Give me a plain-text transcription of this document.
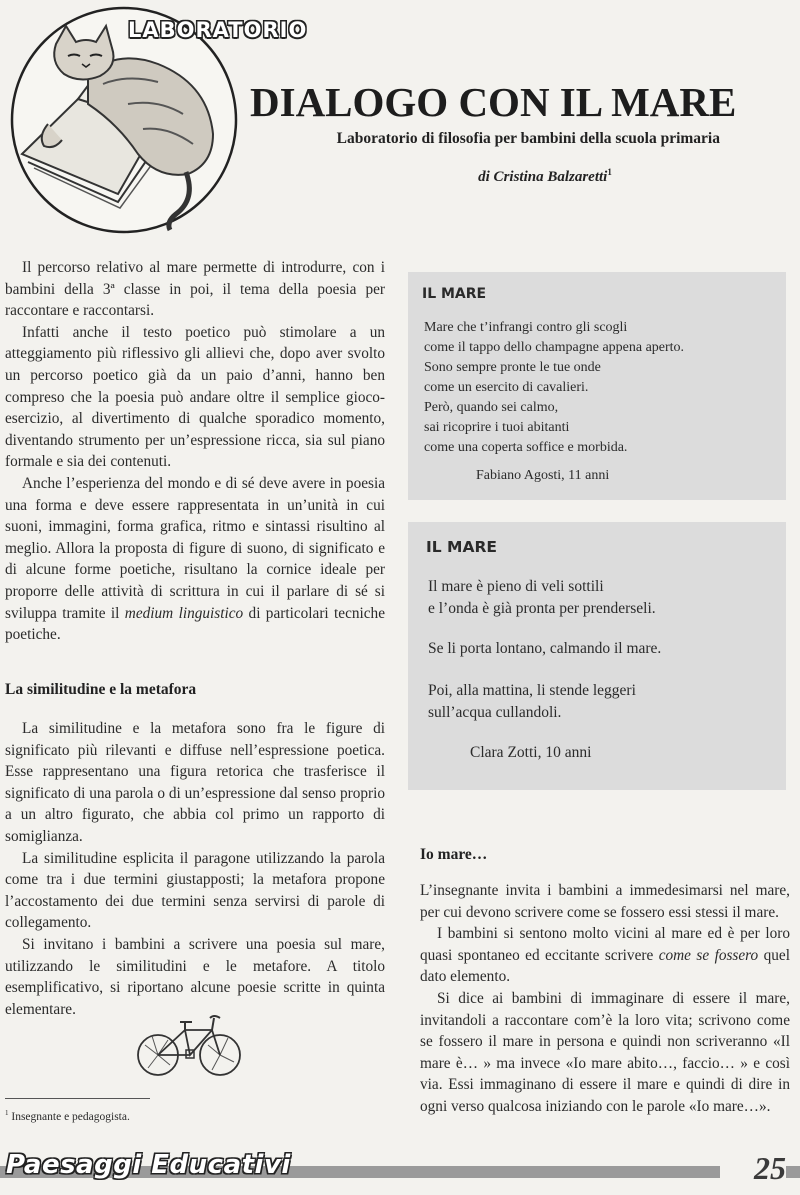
LABORATORIO
DIALOGO CON IL MARE
Laboratorio di filosofia per bambini della scuola primaria
di Cristina Balzaretti$^1$

Il percorso relativo al mare permette di introdurre, con i bambini della 3ª classe in poi, il tema della poesia per raccontare e raccontarsi.

Infatti anche il testo poetico può stimolare a un atteggiamento più riflessivo gli allievi che, dopo aver svolto un percorso poetico già da un paio d’anni, hanno ben compreso che la poesia può andare oltre il semplice gioco-esercizio, al divertimento di qualche sporadico momento, diventando strumento per un’espressione ricca, sia sul piano formale e sia dei contenuti.

Anche l’esperienza del mondo e di sé deve avere in poesia una forma e deve essere rappresentata in un’unità in cui suoni, immagini, forma grafica, ritmo e sintassi risultino al meglio. Allora la proposta di figure di suono, di significato e di alcune forme poetiche, risultano la cornice ideale per proporre delle attività di scrittura in cui il parlare di sé si sviluppa tramite il medium linguistico di particolari tecniche poetiche.

La similitudine e la metafora

La similitudine e la metafora sono fra le figure di significato più rilevanti e diffuse nell’espressione poetica. Esse rappresentano una figura retorica che trasferisce il significato di una parola o di un’espressione dal senso proprio a un altro figurato, che abbia col primo un rapporto di somiglianza.

La similitudine esplicita il paragone utilizzando la parola come tra i due termini giustapposti; la metafora propone l’accostamento dei due termini senza servirsi di parole di collegamento.

Si invitano i bambini a scrivere una poesia sul mare, utilizzando le similitudini e le metafore. A titolo esemplificativo, si riportano alcune poesie scritte in quinta elementare.

$^1$ Insegnante e pedagogista.
IL MARE
Mare che t’infrangi contro gli scogli
come il tappo dello champagne appena aperto.
Sono sempre pronte le tue onde
come un esercito di cavalieri.
Però, quando sei calmo,
sai ricoprire i tuoi abitanti
come una coperta soffice e morbida.
Fabiano Agosti, 11 anni
IL MARE
Il mare è pieno di veli sottili
e l’onda è già pronta per prenderseli.
Se li porta lontano, calmando il mare.
Poi, alla mattina, li stende leggeri
sull’acqua cullandoli.
Clara Zotti, 10 anni
Io mare…

L’insegnante invita i bambini a immedesimarsi nel mare, per cui devono scrivere come se fossero essi stessi il mare.

I bambini si sentono molto vicini al mare ed è per loro quasi spontaneo ed eccitante scrivere come se fossero quel dato elemento.

Si dice ai bambini di immaginare di essere il mare, invitandoli a raccontare com’è la loro vita; scrivono come se fossero il mare in persona e quindi non scriveranno «Il mare è… » ma invece «Io mare abito…, faccio… » e così via. Essi immaginano di essere il mare e quindi di dire in ogni verso qualcosa iniziando con le parole «Io mare…».

Paesaggi Educativi	25
